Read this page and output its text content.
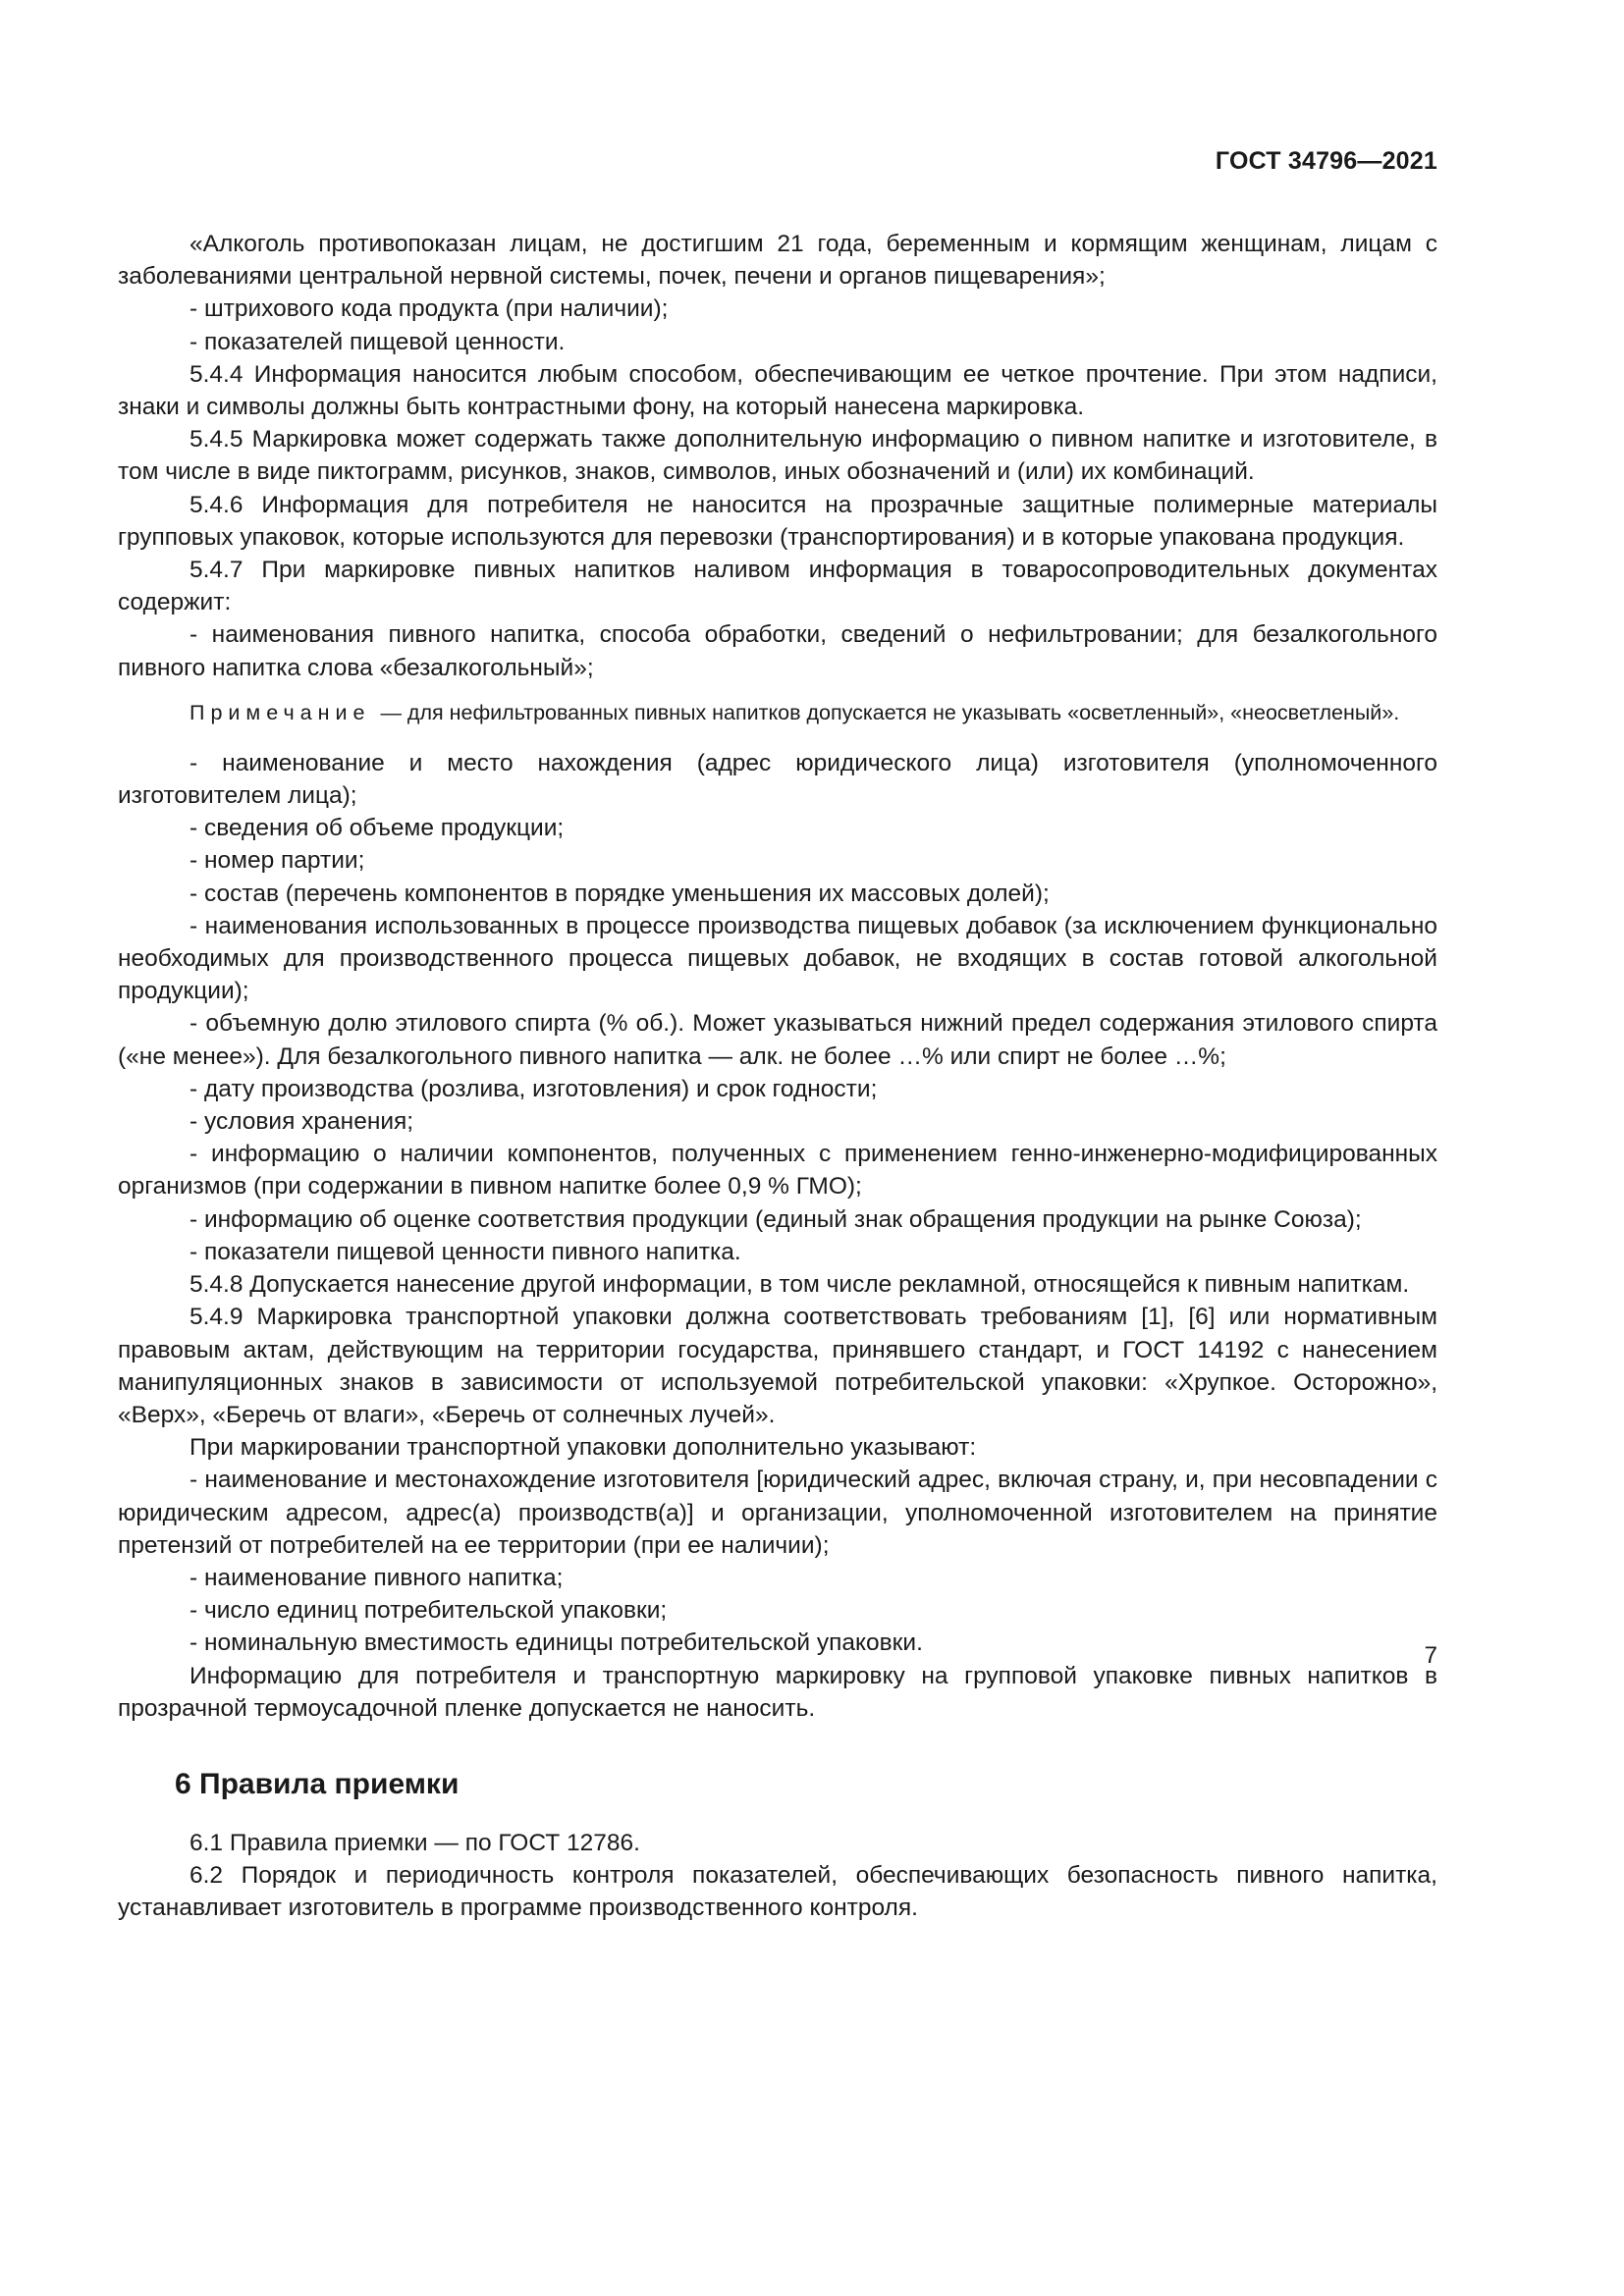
ГОСТ 34796—2021

«Алкоголь противопоказан лицам, не достигшим 21 года, беременным и кормящим женщинам, лицам с заболеваниями центральной нервной системы, почек, печени и органов пищеварения»;

- штрихового кода продукта (при наличии);

- показателей пищевой ценности.

5.4.4 Информация наносится любым способом, обеспечивающим ее четкое прочтение. При этом надписи, знаки и символы должны быть контрастными фону, на который нанесена маркировка.

5.4.5 Маркировка может содержать также дополнительную информацию о пивном напитке и изготовителе, в том числе в виде пиктограмм, рисунков, знаков, символов, иных обозначений и (или) их комбинаций.

5.4.6 Информация для потребителя не наносится на прозрачные защитные полимерные материалы групповых упаковок, которые используются для перевозки (транспортирования) и в которые упакована продукция.

5.4.7 При маркировке пивных напитков наливом информация в товаросопроводительных документах содержит:

- наименования пивного напитка, способа обработки, сведений о нефильтровании; для безалкогольного пивного напитка слова «безалкогольный»;

Примечание — для нефильтрованных пивных напитков допускается не указывать «осветленный», «неосветленый».

- наименование и место нахождения (адрес юридического лица) изготовителя (уполномоченного изготовителем лица);

- сведения об объеме продукции;

- номер партии;

- состав (перечень компонентов в порядке уменьшения их массовых долей);

- наименования использованных в процессе производства пищевых добавок (за исключением функционально необходимых для производственного процесса пищевых добавок, не входящих в состав готовой алкогольной продукции);

- объемную долю этилового спирта (% об.). Может указываться нижний предел содержания этилового спирта («не менее»). Для безалкогольного пивного напитка — алк. не более …% или спирт не более …%;

- дату производства (розлива, изготовления) и срок годности;

- условия хранения;

- информацию о наличии компонентов, полученных с применением генно-инженерно-модифицированных организмов (при содержании в пивном напитке более 0,9 % ГМО);

- информацию об оценке соответствия продукции (единый знак обращения продукции на рынке Союза);

- показатели пищевой ценности пивного напитка.

5.4.8 Допускается нанесение другой информации, в том числе рекламной, относящейся к пивным напиткам.

5.4.9 Маркировка транспортной упаковки должна соответствовать требованиям [1], [6] или нормативным правовым актам, действующим на территории государства, принявшего стандарт, и ГОСТ 14192 с нанесением манипуляционных знаков в зависимости от используемой потребительской упаковки: «Хрупкое. Осторожно», «Верх», «Беречь от влаги», «Беречь от солнечных лучей».

При маркировании транспортной упаковки дополнительно указывают:

- наименование и местонахождение изготовителя [юридический адрес, включая страну, и, при несовпадении с юридическим адресом, адрес(а) производств(а)] и организации, уполномоченной изготовителем на принятие претензий от потребителей на ее территории (при ее наличии);

- наименование пивного напитка;

- число единиц потребительской упаковки;

- номинальную вместимость единицы потребительской упаковки.

Информацию для потребителя и транспортную маркировку на групповой упаковке пивных напитков в прозрачной термоусадочной пленке допускается не наносить.

6 Правила приемки

6.1 Правила приемки — по ГОСТ 12786.

6.2 Порядок и периодичность контроля показателей, обеспечивающих безопасность пивного напитка, устанавливает изготовитель в программе производственного контроля.

7
